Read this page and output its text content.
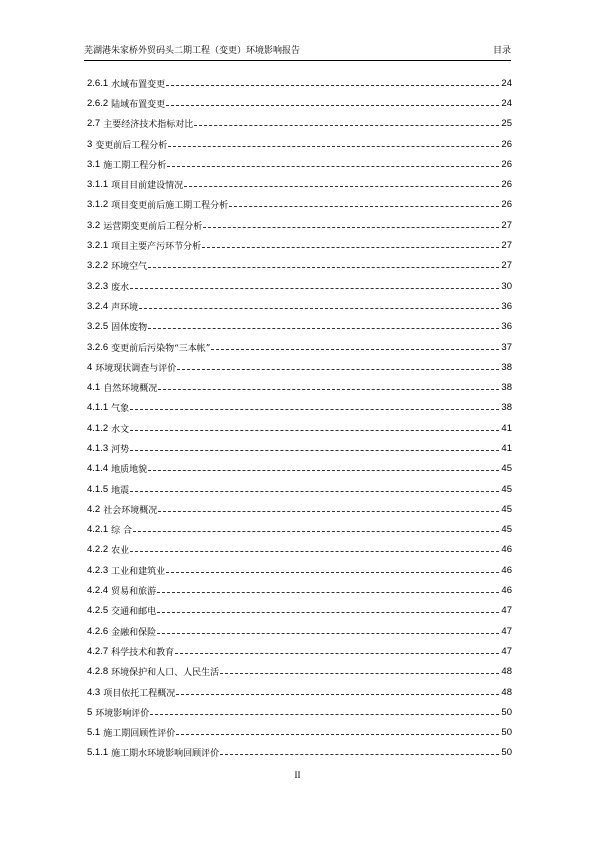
芜湖港朱家桥外贸码头二期工程（变更）环境影响报告	目录
2.6.1 水域布置变更	24
2.6.2 陆域布置变更	24
2.7 主要经济技术指标对比	25
3 变更前后工程分析	26
3.1 施工期工程分析	26
3.1.1 项目目前建设情况	26
3.1.2 项目变更前后施工期工程分析	26
3.2 运营期变更前后工程分析	27
3.2.1 项目主要产污环节分析	27
3.2.2 环境空气	27
3.2.3 废水	30
3.2.4 声环境	36
3.2.5 固体废物	36
3.2.6 变更前后污染物“三本帐”	37
4 环境现状调查与评价	38
4.1 自然环境概况	38
4.1.1 气象	38
4.1.2 水文	41
4.1.3 河势	41
4.1.4 地质地貌	45
4.1.5 地震	45
4.2 社会环境概况	45
4.2.1 综 合	45
4.2.2 农业	46
4.2.3 工业和建筑业	46
4.2.4 贸易和旅游	46
4.2.5 交通和邮电	47
4.2.6 金融和保险	47
4.2.7 科学技术和教育	47
4.2.8 环境保护和人口、人民生活	48
4.3 项目依托工程概况	48
5 环境影响评价	50
5.1 施工期回顾性评价	50
5.1.1 施工期水环境影响回顾评价	50
II
